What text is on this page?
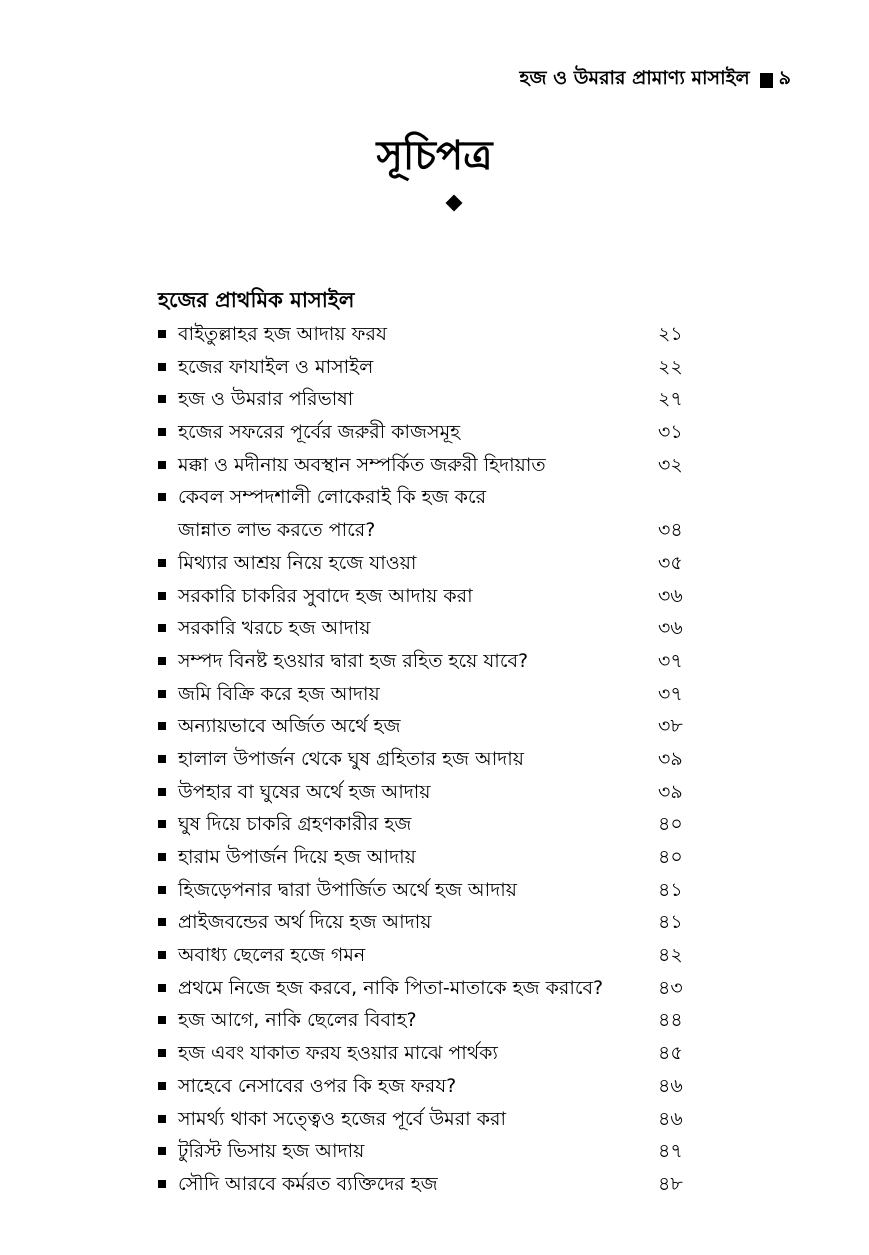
হজ ও উমরার প্রামাণ্য মাসাইল ৯
সূচিপত্র
হজের প্রাথমিক মাসাইল
বাইতুল্লাহর হজ আদায় ফরয	২১
হজের ফাযাইল ও মাসাইল	২২
হজ ও উমরার পরিভাষা	২৭
হজের সফরের পূর্বের জরুরী কাজসমূহ	৩১
মক্কা ও মদীনায় অবস্থান সম্পর্কিত জরুরী হিদায়াত	৩২
কেবল সম্পদশালী লোকেরাই কি হজ করে
জান্নাত লাভ করতে পারে?	৩৪
মিথ্যার আশ্রয় নিয়ে হজে যাওয়া	৩৫
সরকারি চাকরির সুবাদে হজ আদায় করা	৩৬
সরকারি খরচে হজ আদায়	৩৬
সম্পদ বিনষ্ট হওয়ার দ্বারা হজ রহিত হয়ে যাবে?	৩৭
জমি বিক্রি করে হজ আদায়	৩৭
অন্যায়ভাবে অর্জিত অর্থে হজ	৩৮
হালাল উপার্জন থেকে ঘুষ গ্রহিতার হজ আদায়	৩৯
উপহার বা ঘুষের অর্থে হজ আদায়	৩৯
ঘুষ দিয়ে চাকরি গ্রহণকারীর হজ	৪০
হারাম উপার্জন দিয়ে হজ আদায়	৪০
হিজড়েপনার দ্বারা উপার্জিত অর্থে হজ আদায়	৪১
প্রাইজবন্ডের অর্থ দিয়ে হজ আদায়	৪১
অবাধ্য ছেলের হজে গমন	৪২
প্রথমে নিজে হজ করবে, নাকি পিতা-মাতাকে হজ করাবে?	৪৩
হজ আগে, নাকি ছেলের বিবাহ?	৪৪
হজ এবং যাকাত ফরয হওয়ার মাঝে পার্থক্য	৪৫
সাহেবে নেসাবের ওপর কি হজ ফরয?	৪৬
সামর্থ্য থাকা সত্ত্বেও হজের পূর্বে উমরা করা	৪৬
টুরিস্ট ভিসায় হজ আদায়	৪৭
সৌদি আরবে কর্মরত ব্যক্তিদের হজ	৪৮
